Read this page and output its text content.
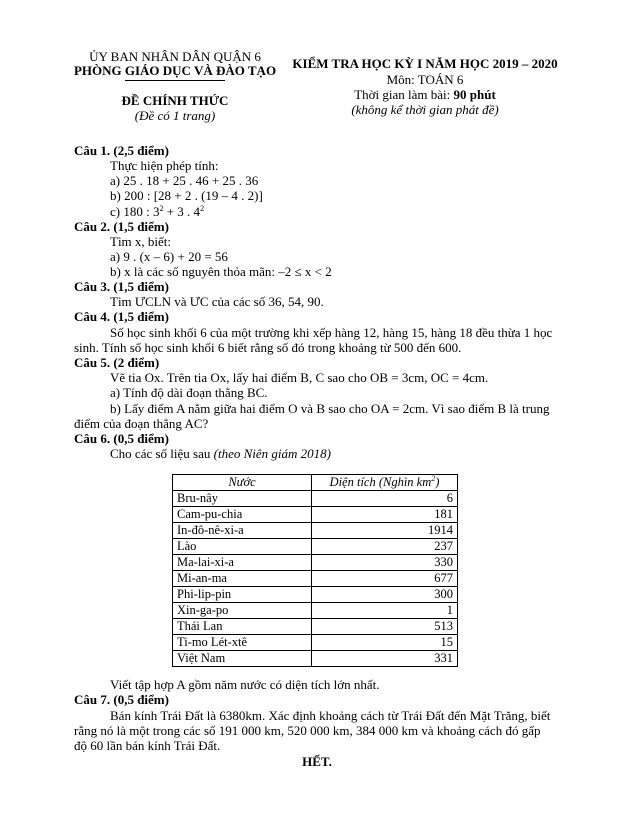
ỦY BAN NHÂN DÂN QUẬN 6
PHÒNG GIÁO DỤC VÀ ĐÀO TẠO
ĐỀ CHÍNH THỨC
(Đề có 1 trang)
KIỂM TRA HỌC KỲ I NĂM HỌC 2019 – 2020
Môn: TOÁN 6
Thời gian làm bài: 90 phút
(không kể thời gian phát đề)
Câu 1. (2,5 điểm)
Thực hiện phép tính:
a) 25 . 18 + 25 . 46 + 25 . 36
b) 200 : [28 + 2 . (19 – 4 . 2)]
c) 180 : $3^2 + 3$ . $4^2$
Câu 2. (1,5 điểm)
Tìm x, biết:
a) 9 . (x – 6) + 20 = 56
b) x là các số nguyên thỏa mãn: –2 ≤ x < 2
Câu 3. (1,5 điểm)
Tìm ƯCLN và ƯC của các số 36, 54, 90.
Câu 4. (1,5 điểm)
Số học sinh khối 6 của một trường khi xếp hàng 12, hàng 15, hàng 18 đều thừa 1 học
sinh. Tính số học sinh khối 6 biết rằng số đó trong khoảng từ 500 đến 600.
Câu 5. (2 điểm)
Vẽ tia Ox. Trên tia Ox, lấy hai điểm B, C sao cho OB = 3cm, OC = 4cm.
a) Tính độ dài đoạn thẳng BC.
b) Lấy điểm A nằm giữa hai điểm O và B sao cho OA = 2cm. Vì sao điểm B là trung
điểm của đoạn thẳng AC?
Câu 6. (0,5 điểm)
Cho các số liệu sau (theo Niên giám 2018)
Nước	Diện tích (Nghìn $km^2$)
Bru-nây	6
Cam-pu-chia	181
In-đô-nê-xi-a	1914
Lào	237
Ma-lai-xi-a	330
Mi-an-ma	677
Phi-lip-pin	300
Xin-ga-po	1
Thái Lan	513
Ti-mo Lét-xtê	15
Việt Nam	331
Viết tập hợp A gồm năm nước có diện tích lớn nhất.
Câu 7. (0,5 điểm)
Bán kính Trái Đất là 6380km. Xác định khoảng cách từ Trái Đất đến Mặt Trăng, biết
rằng nó là một trong các số 191 000 km, 520 000 km, 384 000 km và khoảng cách đó gấp
độ 60 lần bán kính Trái Đất.
HẾT.
